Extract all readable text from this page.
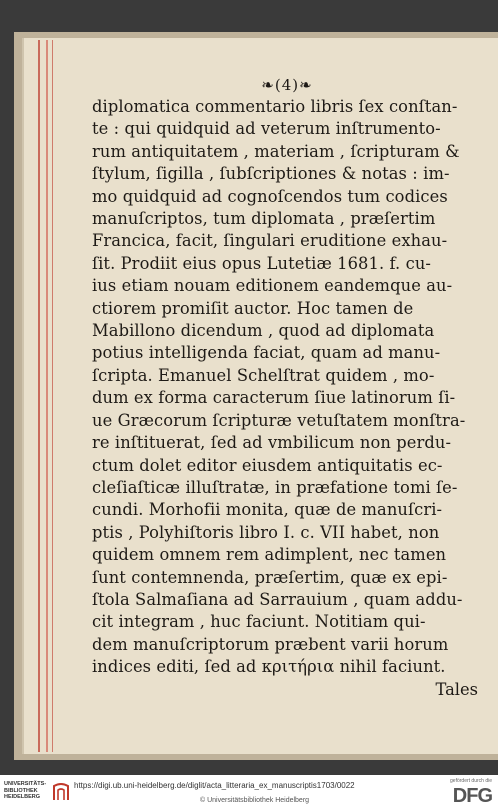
❧(4)❧
diplomatica commentario libris ſex conſtan-
te : qui quidquid ad veterum inſtrumento-
rum antiquitatem , materiam , ſcripturam &
ſtylum, ſigilla , ſubſcriptiones & notas : im-
mo quidquid ad cognoſcendos tum codices
manuſcriptos, tum diplomata , præſertim
Francica, facit, ſingulari eruditione exhau-
ſit. Prodiit eius opus Lutetiæ 1681. f. cu-
ius etiam nouam editionem eandemque au-
ctiorem promiſit auctor. Hoc tamen de
Mabillono dicendum , quod ad diplomata
potius intelligenda faciat, quam ad manu-
ſcripta. Emanuel Schelſtrat quidem , mo-
dum ex forma caracterum ſiue latinorum ſi-
ue Græcorum ſcripturæ vetuſtatem monſtra-
re inſtituerat, ſed ad vmbilicum non perdu-
ctum dolet editor eiusdem antiquitatis ec-
cleſiaſticæ illuſtratæ, in præfatione tomi ſe-
cundi. Morhofii monita, quæ de manuſcri-
ptis , Polyhiſtoris libro I. c. VII habet, non
quidem omnem rem adimplent, nec tamen
ſunt contemnenda, præſertim, quæ ex epi-
ſtola Salmaſiana ad Sarrauium , quam addu-
cit integram , huc faciunt. Notitiam qui-
dem manuſcriptorum præbent varii horum
indices editi, ſed ad κριτήρια nihil faciunt.
Tales
UNIVERSITÄTS-
BIBLIOTHEK
HEIDELBERG
https://digi.ub.uni-heidelberg.de/diglit/acta_litteraria_ex_manuscriptis1703/0022
© Universitätsbibliothek Heidelberg
gefördert durch die
DFG
